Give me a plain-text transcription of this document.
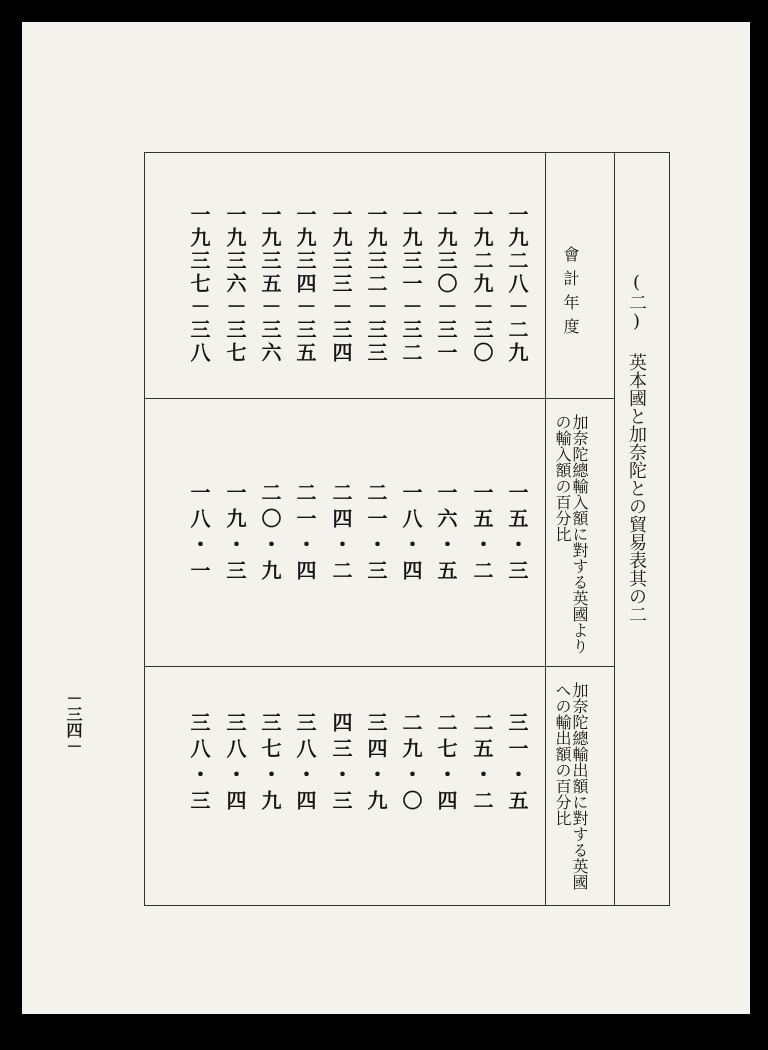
(二) 英本國と加奈陀との貿易表其の二
會計年度
加奈陀總輸入額に對する英國よりの輸入額の百分比
加奈陀總輸出額に對する英國への輸出額の百分比
一九二八－二九
一五・三
三一・五
一九二九－三〇
一五・二
二五・二
一九三〇－三一
一六・五
二七・四
一九三一－三二
一八・四
二九・〇
一九三二－三三
二一・三
三四・九
一九三三－三四
二四・二
四三・三
一九三四－三五
二一・四
三八・四
一九三五－三六
二〇・九
三七・九
一九三六－三七
一九・三
三八・四
一九三七－三八
一八・一
三八・三
－三四－
